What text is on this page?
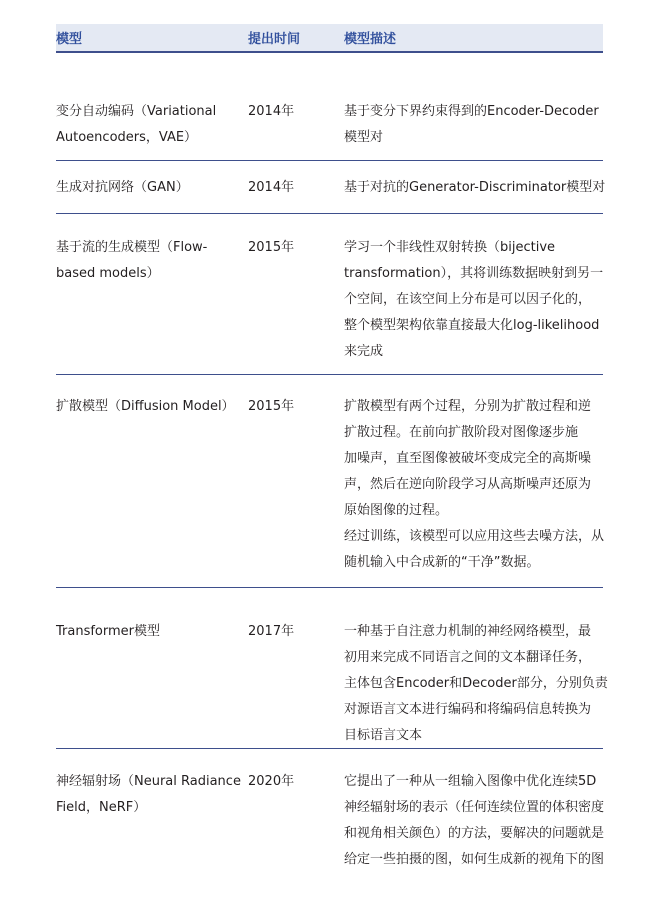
模型	提出时间	模型描述
变分自动编码（Variational
Autoencoders，VAE）
2014年	基于变分下界约束得到的Encoder-Decoder
模型对
生成对抗网络（GAN）	2014年	基于对抗的Generator-Discriminator模型对
基于流的生成模型（Flow-
based models）
2015年	学习一个非线性双射转换（bijective
transformation），其将训练数据映射到另一
个空间，在该空间上分布是可以因子化的，
整个模型架构依靠直接最大化log-likelihood
来完成
扩散模型（Diffusion Model） 2015年	扩散模型有两个过程，分别为扩散过程和逆
扩散过程。在前向扩散阶段对图像逐步施
加噪声，直至图像被破坏变成完全的高斯噪
声，然后在逆向阶段学习从高斯噪声还原为
原始图像的过程。
经过训练，该模型可以应用这些去噪方法，从
随机输入中合成新的“干净”数据。
Transformer模型	2017年	一种基于自注意力机制的神经网络模型，最
初用来完成不同语言之间的文本翻译任务，
主体包含Encoder和Decoder部分，分别负责
对源语言文本进行编码和将编码信息转换为
目标语言文本
神经辐射场（Neural Radiance
Field，NeRF）
2020年	它提出了一种从一组输入图像中优化连续5D
神经辐射场的表示（任何连续位置的体积密度
和视角相关颜色）的方法，要解决的问题就是
给定一些拍摄的图，如何生成新的视角下的图
